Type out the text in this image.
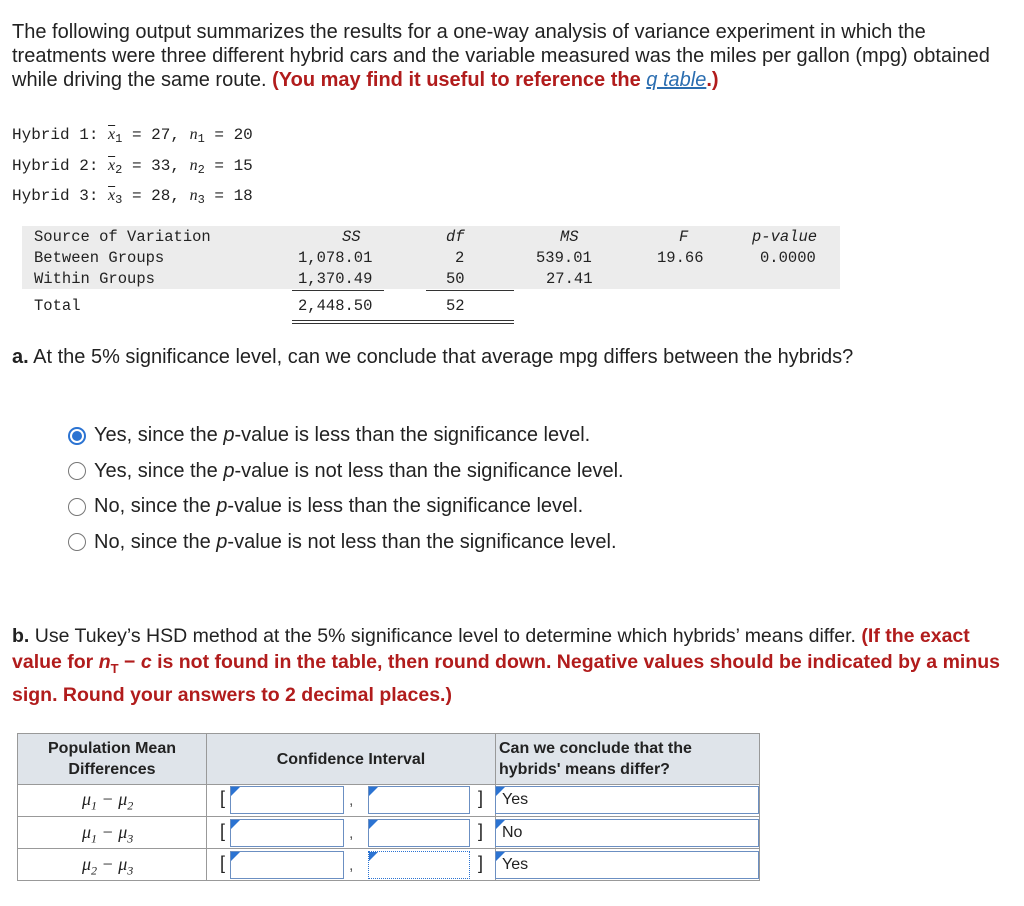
The following output summarizes the results for a one-way analysis of variance experiment in which the treatments were three different hybrid cars and the variable measured was the miles per gallon (mpg) obtained while driving the same route. (You may find it useful to reference the q table.)
Hybrid 1: $\overline{x}_1 = 27$, $n_1 = 20$
Hybrid 2: $\overline{x}_2 = 33$, $n_2 = 15$
Hybrid 3: $\overline{x}_3 = 28$, $n_3 = 18$
Source of Variation	SS	df	MS	F	p-value
Between Groups	1,078.01	2	539.01	19.66	0.0000
Within Groups	1,370.49	50	27.41
Total	2,448.50	52
a. At the 5% significance level, can we conclude that average mpg differs between the hybrids?
Yes, since the p-value is less than the significance level.
Yes, since the p-value is not less than the significance level.
No, since the p-value is less than the significance level.
No, since the p-value is not less than the significance level.
b. Use Tukey’s HSD method at the 5% significance level to determine which hybrids’ means differ. (If the exact value for $n_T - c$ is not found in the table, then round down. Negative values should be indicated by a minus sign. Round your answers to 2 decimal places.)
Population Mean Differences
Confidence Interval
Can we conclude that the hybrids' means differ?
$\mu_1 - \mu_2$	[	,	]	Yes
$\mu_1 - \mu_3$	[	,	]	No
$\mu_2 - \mu_3$	[	,	]	Yes
